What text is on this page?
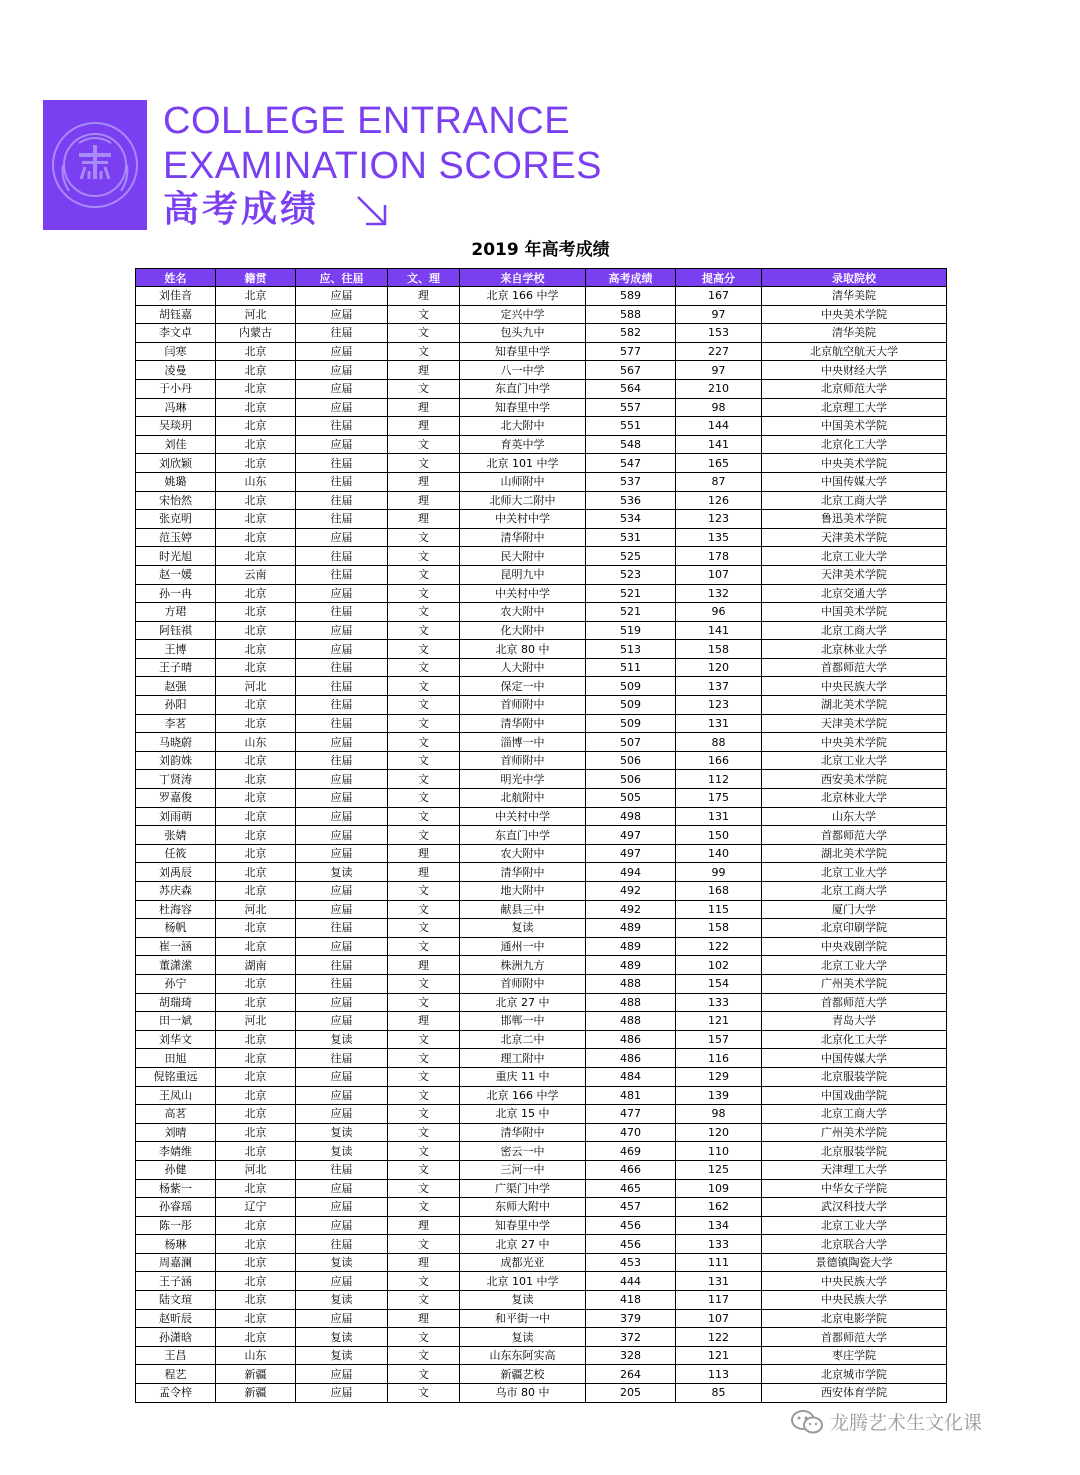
COLLEGE ENTRANCE
EXAMINATION SCORES
高考成绩
2019 年高考成绩
姓名	籍贯	应、往届	文、理	来自学校	高考成绩	提高分	录取院校
刘佳音	北京	应届	理	北京 166 中学	589	167	清华美院
胡钰嘉	河北	应届	文	定兴中学	588	97	中央美术学院
李文卓	内蒙古	往届	文	包头九中	582	153	清华美院
闫寒	北京	应届	文	知春里中学	577	227	北京航空航天大学
凌曼	北京	应届	理	八一中学	567	97	中央财经大学
于小丹	北京	应届	文	东直门中学	564	210	北京师范大学
冯琳	北京	应届	理	知春里中学	557	98	北京理工大学
吴琰玥	北京	往届	理	北大附中	551	144	中国美术学院
刘佳	北京	应届	文	育英中学	548	141	北京化工大学
刘欣颖	北京	往届	文	北京 101 中学	547	165	中央美术学院
姚璐	山东	往届	理	山师附中	537	87	中国传媒大学
宋怡然	北京	往届	理	北师大二附中	536	126	北京工商大学
张克明	北京	往届	理	中关村中学	534	123	鲁迅美术学院
范玉婷	北京	应届	文	清华附中	531	135	天津美术学院
时光旭	北京	往届	文	民大附中	525	178	北京工业大学
赵一媛	云南	往届	文	昆明九中	523	107	天津美术学院
孙一冉	北京	应届	文	中关村中学	521	132	北京交通大学
方珺	北京	往届	文	农大附中	521	96	中国美术学院
阿钰祺	北京	应届	文	化大附中	519	141	北京工商大学
王博	北京	应届	文	北京 80 中	513	158	北京林业大学
王子晴	北京	往届	文	人大附中	511	120	首都师范大学
赵强	河北	往届	文	保定一中	509	137	中央民族大学
孙阳	北京	往届	文	首师附中	509	123	湖北美术学院
李茗	北京	往届	文	清华附中	509	131	天津美术学院
马晓蔚	山东	应届	文	淄博一中	507	88	中央美术学院
刘韵姝	北京	往届	文	首师附中	506	166	北京工业大学
丁贤涛	北京	应届	文	明光中学	506	112	西安美术学院
罗嘉俊	北京	应届	文	北航附中	505	175	北京林业大学
刘雨萌	北京	应届	文	中关村中学	498	131	山东大学
张婧	北京	应届	文	东直门中学	497	150	首都师范大学
任筱	北京	应届	理	农大附中	497	140	湖北美术学院
刘禹辰	北京	复读	理	清华附中	494	99	北京工业大学
苏庆森	北京	应届	文	地大附中	492	168	北京工商大学
杜海容	河北	应届	文	献县三中	492	115	厦门大学
杨帆	北京	往届	文	复读	489	158	北京印刷学院
崔一涵	北京	应届	文	通州一中	489	122	中央戏剧学院
董潇潆	湖南	往届	理	株洲九方	489	102	北京工业大学
孙宁	北京	往届	文	首师附中	488	154	广州美术学院
胡瑞琦	北京	应届	文	北京 27 中	488	133	首都师范大学
田一斌	河北	应届	理	邯郸一中	488	121	青岛大学
刘华文	北京	复读	文	北京二中	486	157	北京化工大学
田旭	北京	往届	文	理工附中	486	116	中国传媒大学
倪铭重远	北京	应届	文	重庆 11 中	484	129	北京服装学院
王凤山	北京	应届	文	北京 166 中学	481	139	中国戏曲学院
高茗	北京	应届	文	北京 15 中	477	98	北京工商大学
刘晴	北京	复读	文	清华附中	470	120	广州美术学院
李婧维	北京	复读	文	密云一中	469	110	北京服装学院
孙健	河北	往届	文	三河一中	466	125	天津理工大学
杨紫一	北京	应届	文	广渠门中学	465	109	中华女子学院
孙睿瑶	辽宁	应届	文	东师大附中	457	162	武汉科技大学
陈一彤	北京	应届	理	知春里中学	456	134	北京工业大学
杨琳	北京	往届	文	北京 27 中	456	133	北京联合大学
周嘉澜	北京	复读	理	成都光亚	453	111	景德镇陶瓷大学
王子涵	北京	应届	文	北京 101 中学	444	131	中央民族大学
陆文瑄	北京	复读	文	复读	418	117	中央民族大学
赵昕辰	北京	应届	理	和平街一中	379	107	北京电影学院
孙潇晗	北京	复读	文	复读	372	122	首都师范大学
王昌	山东	复读	文	山东东阿实高	328	121	枣庄学院
程艺	新疆	应届	文	新疆艺校	264	113	北京城市学院
孟令梓	新疆	应届	文	乌市 80 中	205	85	西安体育学院
龙腾艺术生文化课
